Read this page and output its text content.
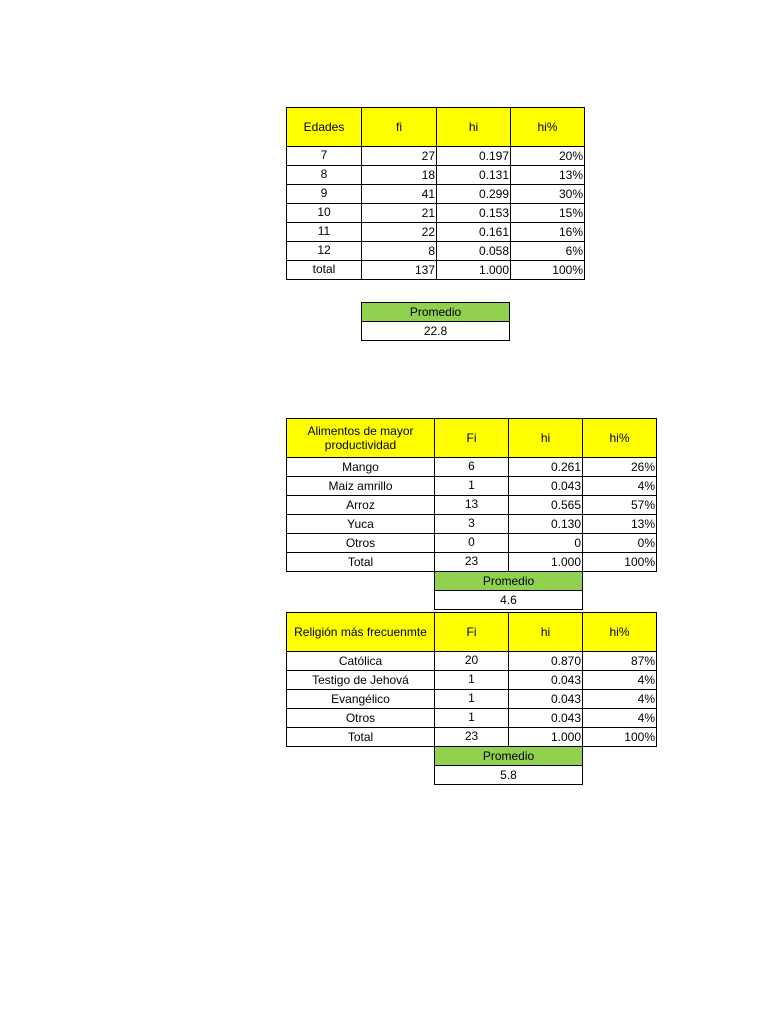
Edades	fi	hi	hi%
7	27	0.197	20%
8	18	0.131	13%
9	41	0.299	30%
10	21	0.153	15%
11	22	0.161	16%
12	8	0.058	6%
total	137	1.000	100%
Promedio
22.8
Alimentos de mayor productividad	Fi	hi	hi%
Mango	6	0.261	26%
Maiz amrillo	1	0.043	4%
Arroz	13	0.565	57%
Yuca	3	0.130	13%
Otros	0	0	0%
Total	23	1.000	100%
	Promedio		
	4.6		
Religión más frecuenmte	Fi	hi	hi%
Católica	20	0.870	87%
Testigo de Jehová	1	0.043	4%
Evangélico	1	0.043	4%
Otros	1	0.043	4%
Total	23	1.000	100%
	Promedio		
	5.8		
